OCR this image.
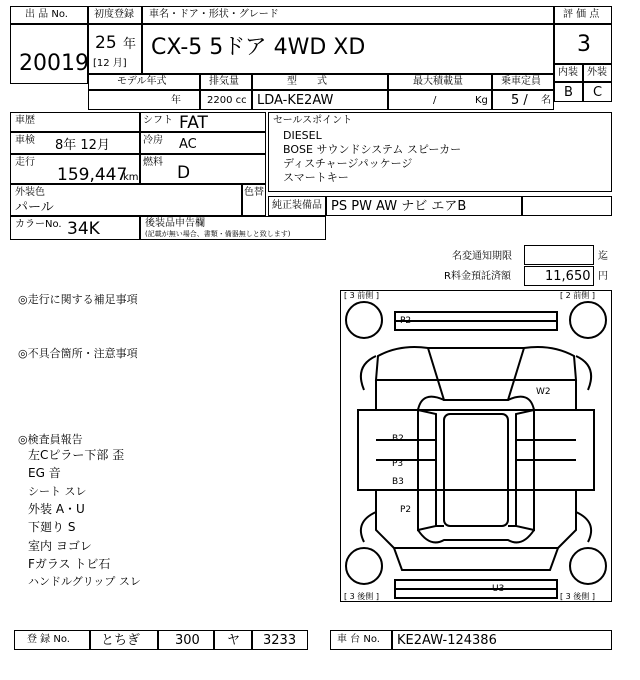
出 品 No.
20019
初度登録
25 年
[12 月]
車名・ドア・形状・グレード
CX-5 5ドア 4WD XD
評 価 点
3
内装 外装
B C
モデル年式
年
排気量
2200 cc
型　　式
LDA-KE2AW
最大積載量
/	Kg
乗車定員
5 / 名
車歴	シフト FAT
車検 8年 12月	冷房 AC
走行
159,447
km
燃料
D
外装色
パール
色替
カラーNo. 34K	後装品申告欄
(記載が無い場合、書類・備器無しと致します)
セールスポイント
DIESEL
BOSE サウンドシステム スピーカー
ディスチャージパッケージ
スマートキー
純正装備品 PS PW AW ナビ エアB
名変通知期限	迄
R料金預託済額	11,650 円
◎走行に関する補足事項
◎不具合箇所・注意事項
◎検査員報告
左Cピラー下部 歪
EG 音
シート スレ
外装 A・U
下廻り S
室内 ヨゴレ
Fガラス トビ石
ハンドルグリップ スレ
[ 3 前側 ]	[ 2 前側 ]
[ 3 後側 ]	[ 3 後側 ]
P2
W2
B2
P3
B3
P2
U3
登 録 No. とちぎ	300 ヤ 3233	車 台 No. KE2AW-124386
